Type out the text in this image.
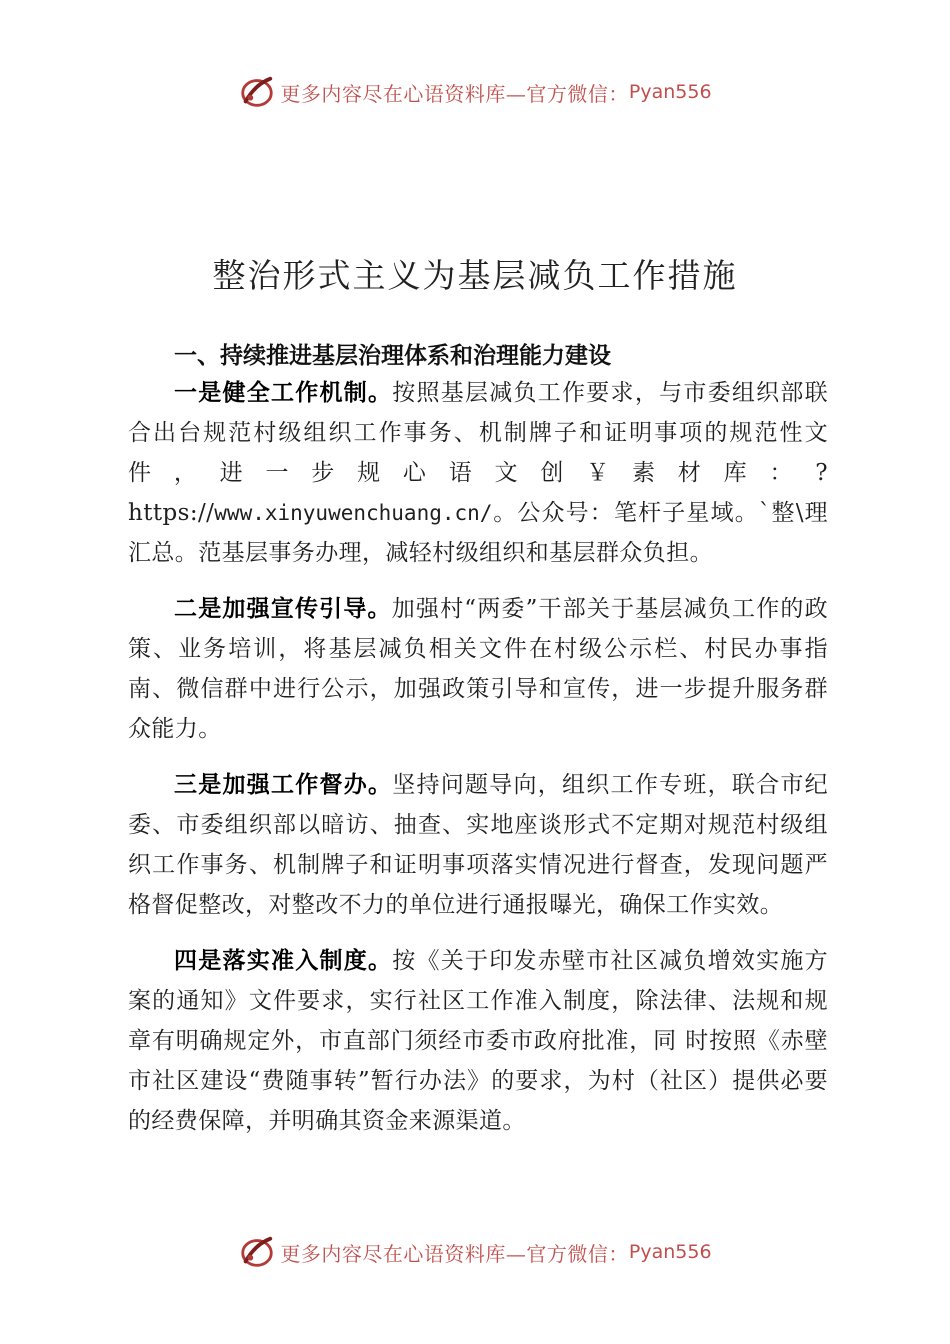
更多内容尽在心语资料库—官方微信： Pyan556
整治形式主义为基层减负工作措施

一、持续推进基层治理体系和治理能力建设

一是健全工作机制。按照基层减负工作要求，与市委组织部联合出台规范村级组织工作事务、机制牌子和证明事项的规范性文件，进一步规心语文创￥素材库：?https://www.xinyuwenchuang.cn/。公众号：笔杆子星域。`整\理汇总。范基层事务办理，减轻村级组织和基层群众负担。

二是加强宣传引导。加强村“两委”干部关于基层减负工作的政策、业务培训，将基层减负相关文件在村级公示栏、村民办事指南、微信群中进行公示，加强政策引导和宣传，进一步提升服务群众能力。

三是加强工作督办。坚持问题导向，组织工作专班，联合市纪委、市委组织部以暗访、抽查、实地座谈形式不定期对规范村级组织工作事务、机制牌子和证明事项落实情况进行督查，发现问题严格督促整改，对整改不力的单位进行通报曝光，确保工作实效。

四是落实准入制度。按《关于印发赤壁市社区减负增效实施方案的通知》文件要求，实行社区工作准入制度，除法律、法规和规章有明确规定外，市直部门须经市委市政府批准，同 时按照《赤壁市社区建设“费随事转”暂行办法》的要求，为村（社区）提供必要的经费保障，并明确其资金来源渠道。

更多内容尽在心语资料库—官方微信： Pyan556
